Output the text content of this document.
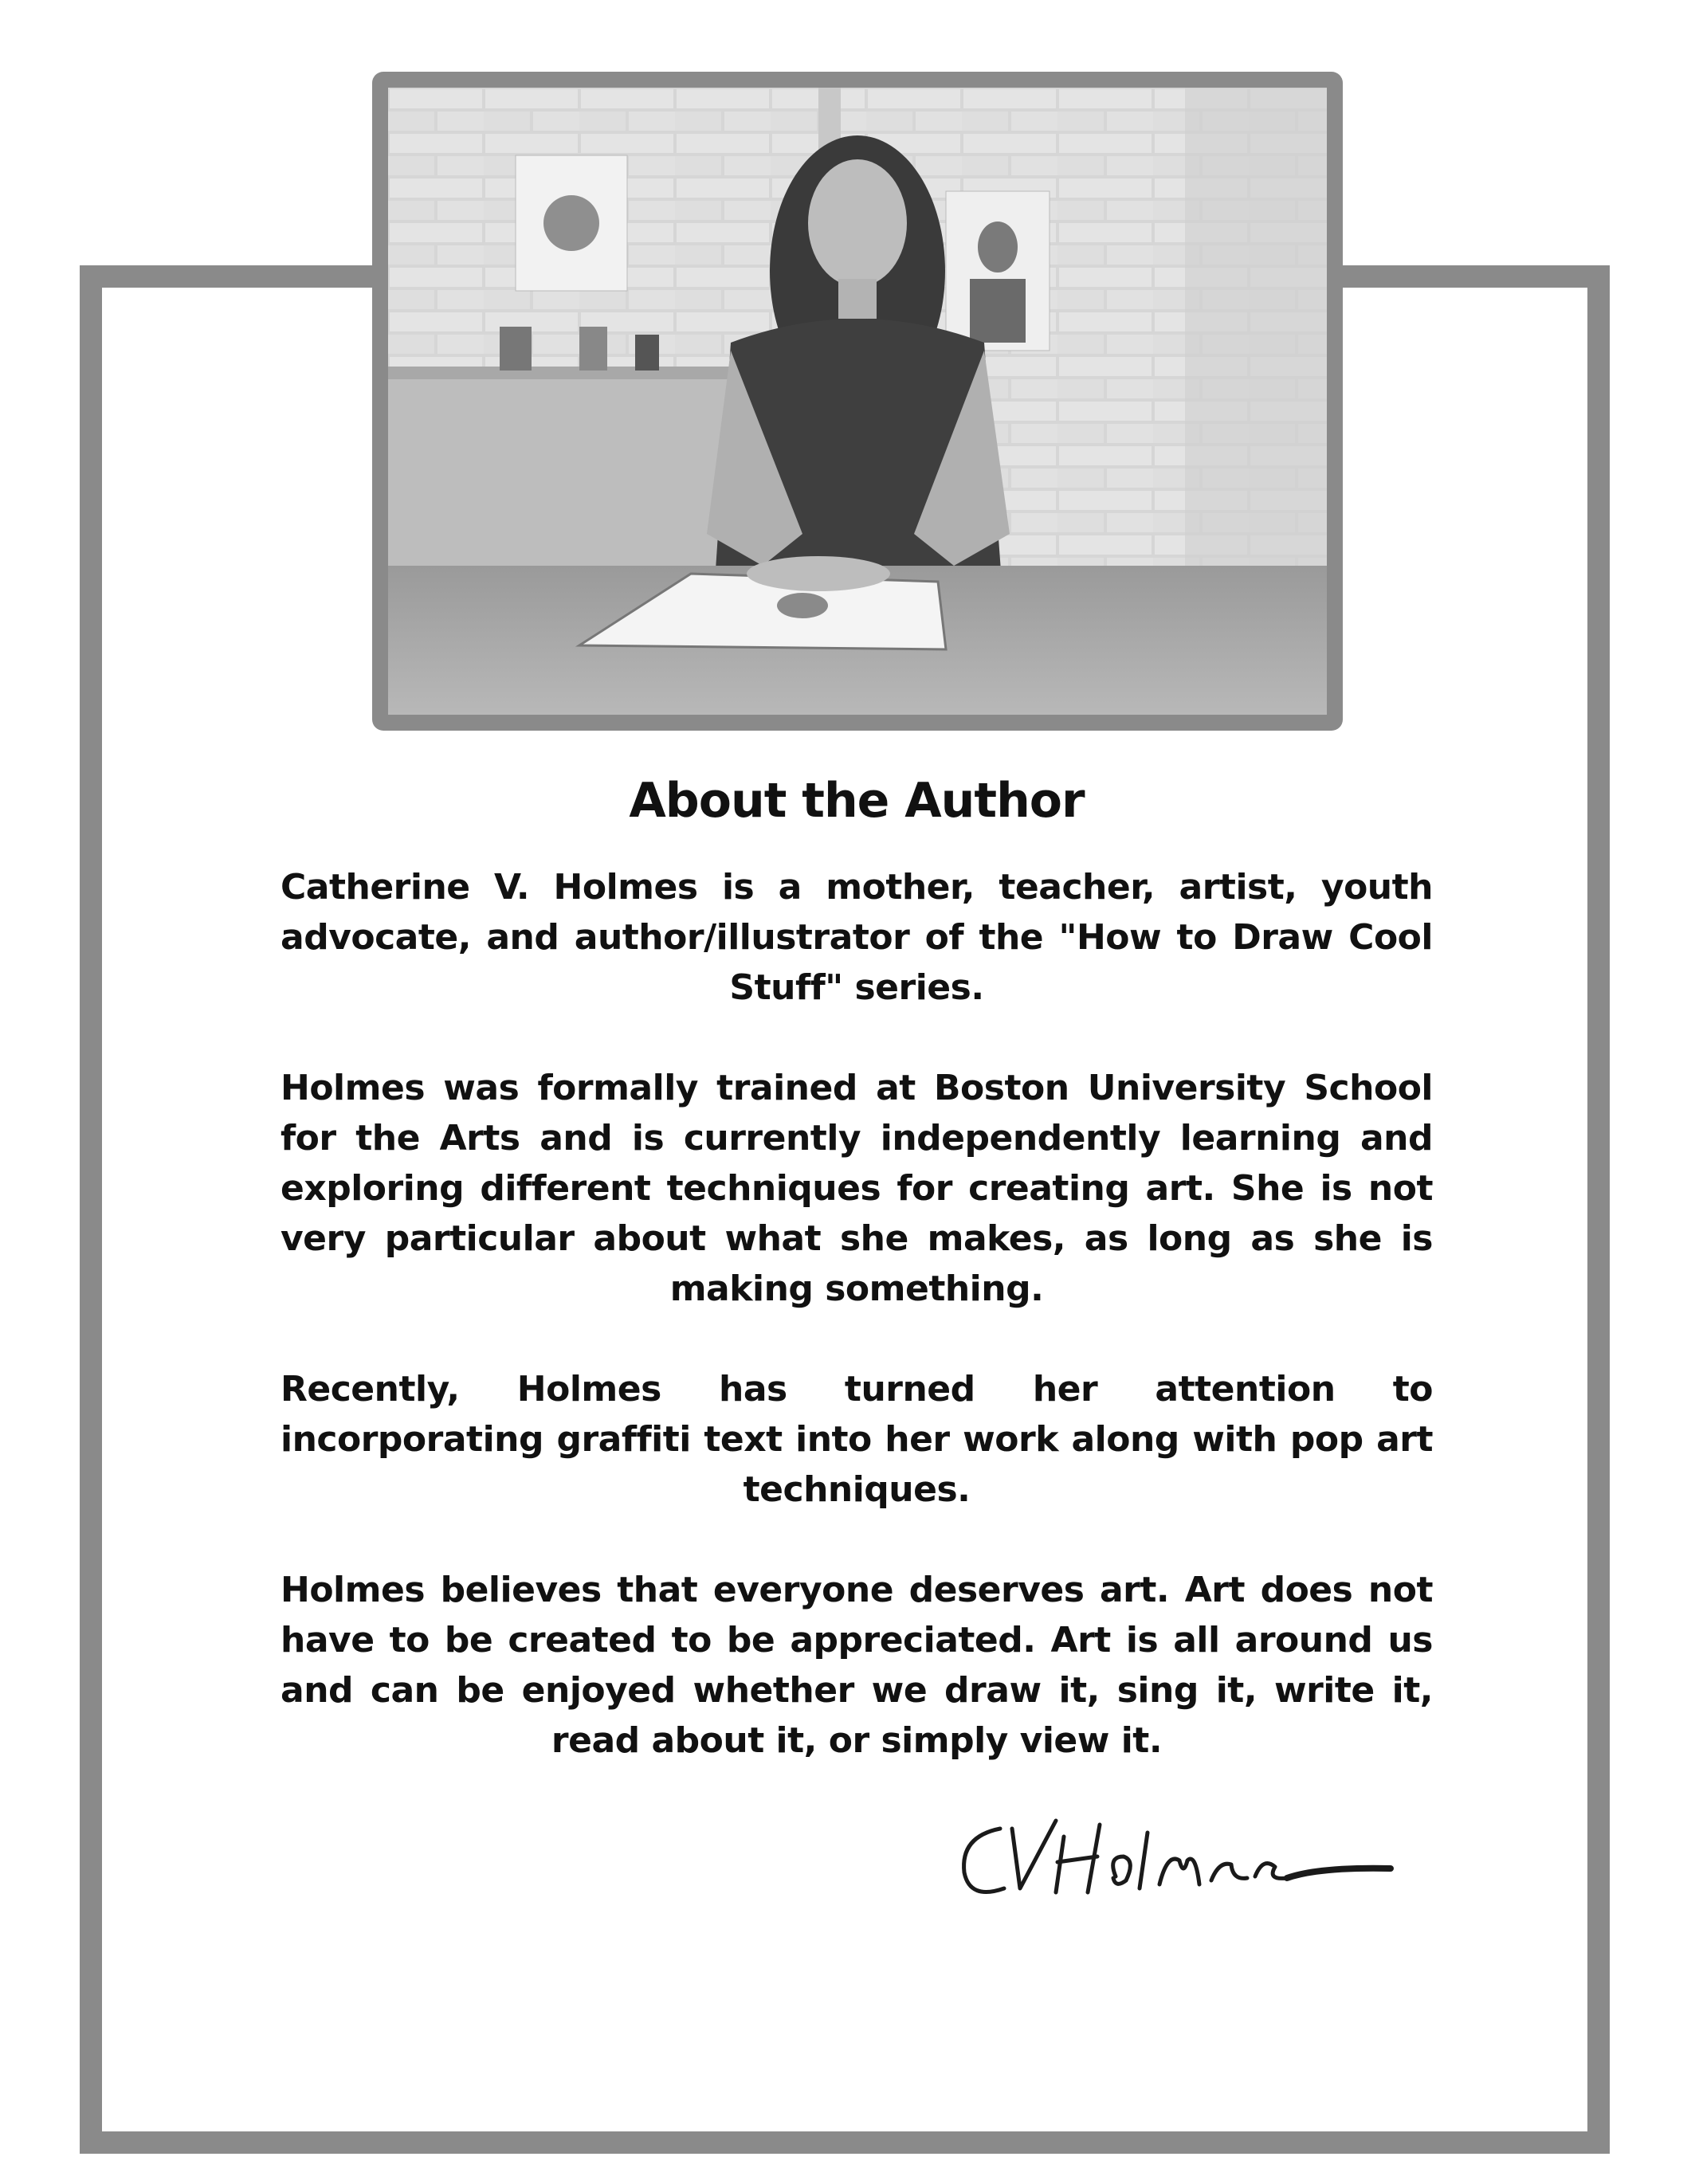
About the Author

Catherine V. Holmes is a mother, teacher, artist, youth advocate, and author/illustrator of the "How to Draw Cool Stuff" series.

Holmes was formally trained at Boston University School for the Arts and is currently independently learning and exploring different techniques for creating art. She is not very particular about what she makes, as long as she is making something.

Recently, Holmes has turned her attention to incorporating graffiti text into her work along with pop art techniques.

Holmes believes that everyone deserves art. Art does not have to be created to be appreciated. Art is all around us and can be enjoyed whether we draw it, sing it, write it, read about it, or simply view it.
